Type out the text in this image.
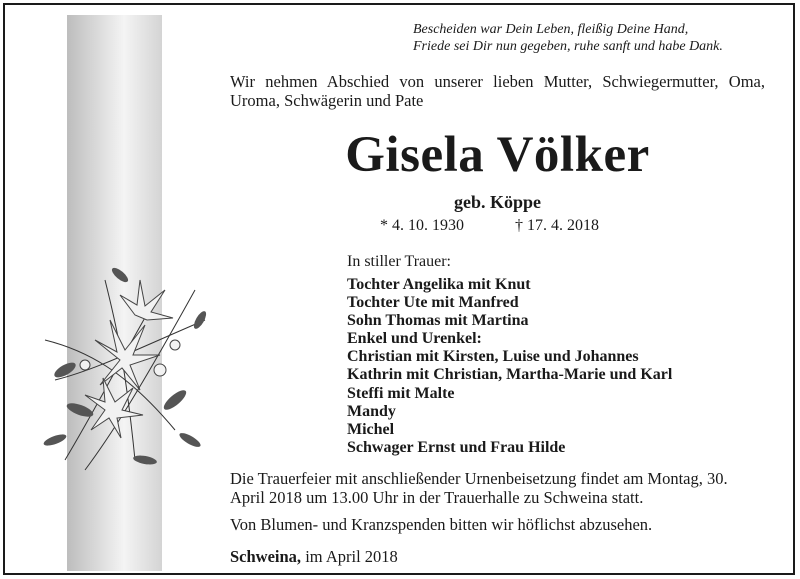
Bescheiden war Dein Leben, fleißig Deine Hand,
Friede sei Dir nun gegeben, ruhe sanft und habe Dank.
Wir nehmen Abschied von unserer lieben Mutter, Schwiegermutter, Oma, Uroma, Schwägerin und Pate
Gisela Völker
geb. Köppe
* 4. 10. 1930	† 17. 4. 2018
In stiller Trauer:
Tochter Angelika mit Knut
Tochter Ute mit Manfred
Sohn Thomas mit Martina
Enkel und Urenkel:
Christian mit Kirsten, Luise und Johannes
Kathrin mit Christian, Martha-Marie und Karl
Steffi mit Malte
Mandy
Michel
Schwager Ernst und Frau Hilde
Die Trauerfeier mit anschließender Urnenbeisetzung findet am Montag, 30. April 2018 um 13.00 Uhr in der Trauerhalle zu Schweina statt.
Von Blumen- und Kranzspenden bitten wir höflichst abzusehen.
Schweina, im April 2018
